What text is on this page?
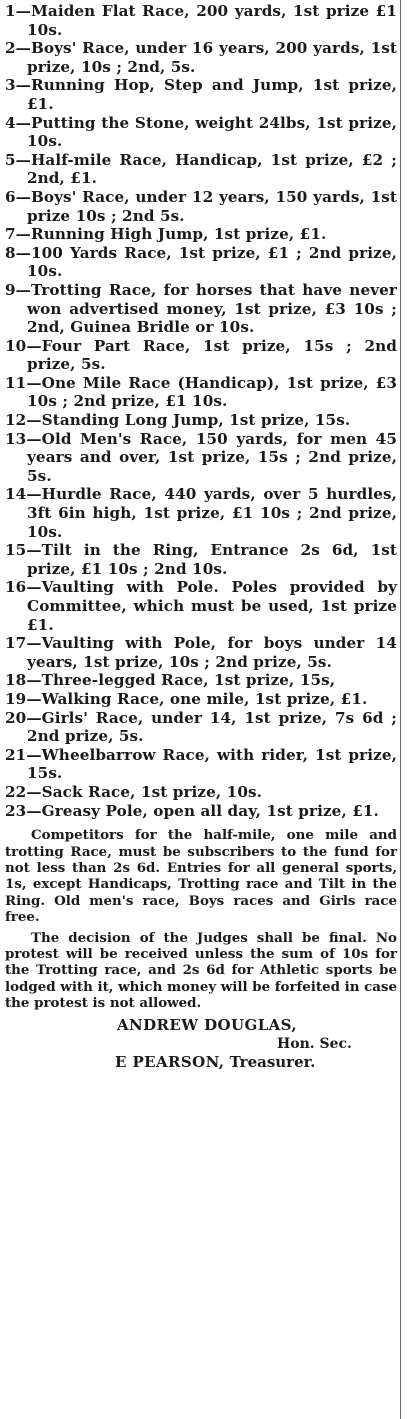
1—Maiden Flat Race, 200 yards, 1st prize £1 10s.
2—Boys' Race, under 16 years, 200 yards, 1st prize, 10s ; 2nd, 5s.
3—Running Hop, Step and Jump, 1st prize, £1.
4—Putting the Stone, weight 24lbs, 1st prize, 10s.
5—Half-mile Race, Handicap, 1st prize, £2 ; 2nd, £1.
6—Boys' Race, under 12 years, 150 yards, 1st prize 10s ; 2nd 5s.
7—Running High Jump, 1st prize, £1.
8—100 Yards Race, 1st prize, £1 ; 2nd prize, 10s.
9—Trotting Race, for horses that have never won advertised money, 1st prize, £3 10s ; 2nd, Guinea Bridle or 10s.
10—Four Part Race, 1st prize, 15s ; 2nd prize, 5s.
11—One Mile Race (Handicap), 1st prize, £3 10s ; 2nd prize, £1 10s.
12—Standing Long Jump, 1st prize, 15s.
13—Old Men's Race, 150 yards, for men 45 years and over, 1st prize, 15s ; 2nd prize, 5s.
14—Hurdle Race, 440 yards, over 5 hurdles, 3ft 6in high, 1st prize, £1 10s ; 2nd prize, 10s.
15—Tilt in the Ring, Entrance 2s 6d, 1st prize, £1 10s ; 2nd 10s.
16—Vaulting with Pole. Poles provided by Committee, which must be used, 1st prize £1.
17—Vaulting with Pole, for boys under 14 years, 1st prize, 10s ; 2nd prize, 5s.
18—Three-legged Race, 1st prize, 15s,
19—Walking Race, one mile, 1st prize, £1.
20—Girls' Race, under 14, 1st prize, 7s 6d ; 2nd prize, 5s.
21—Wheelbarrow Race, with rider, 1st prize, 15s.
22—Sack Race, 1st prize, 10s.
23—Greasy Pole, open all day, 1st prize, £1.

Competitors for the half-mile, one mile and trotting Race, must be subscribers to the fund for not less than 2s 6d. Entries for all general sports, 1s, except Handicaps, Trotting race and Tilt in the Ring. Old men's race, Boys races and Girls race free.

The decision of the Judges shall be final. No protest will be received unless the sum of 10s for the Trotting race, and 2s 6d for Athletic sports be lodged with it, which money will be forfeited in case the protest is not allowed.

ANDREW DOUGLAS,
Hon. Sec.
E PEARSON, Treasurer.
